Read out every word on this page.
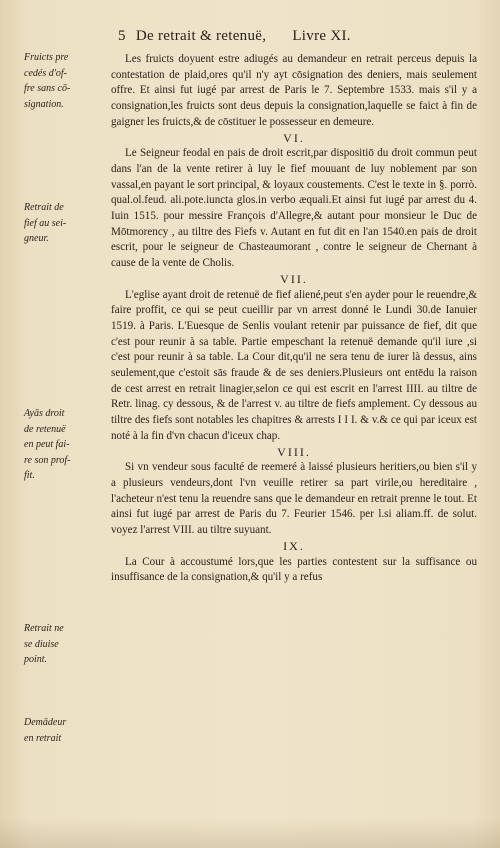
5 De retrait & retenuë, Livre XI.
Fruicts pre
cedés d'of-
fre sans cō-
signation.
Retrait de
fief au sei-
gneur.
Ayās droit
de retenuë
en peut fai-
re son prof-
fit.
Retrait ne
se diuise
point.
Demādeur
en retrait

Les fruicts doyuent estre adiugés au demandeur en retrait perceus depuis la contestation de plaid,ores qu'il n'y ayt cōsignation des deniers, mais seulement offre. Et ainsi fut iugé par arrest de Paris le 7. Septembre 1533. mais s'il y a consignation,les fruicts sont deus depuis la consignation,laquelle se faict à fin de gaigner les fruicts,& de cōstituer le possesseur en demeure.

VI.

Le Seigneur feodal en pais de droit escrit,par dispositiō du droit commun peut dans l'an de la vente retirer à luy le fief mouuant de luy noblement par son vassal,en payant le sort principal, & loyaux coustements. C'est le texte in §. porrò. qual.ol.feud. ali.pote.iuncta glos.in verbo æquali.Et ainsi fut iugé par arrest du 4. Iuin 1515. pour messire François d'Allegre,& autant pour monsieur le Duc de Mōtmorency , au tiltre des Fiefs v. Autant en fut dit en l'an 1540.en pais de droit escrit, pour le seigneur de Chasteaumorant , contre le seigneur de Chernant à cause de la vente de Cholis.

VII.

L'eglise ayant droit de retenuë de fief aliené,peut s'en ayder pour le reuendre,& faire proffit, ce qui se peut cueillir par vn arrest donné le Lundi 30.de Ianuier 1519. à Paris. L'Euesque de Senlis voulant retenir par puissance de fief, dit que c'est pour reunir à sa table. Partie empeschant la retenuë demande qu'il iure ,si c'est pour reunir à sa table. La Cour dit,qu'il ne sera tenu de iurer là dessus, ains seulement,que c'estoit sās fraude & de ses deniers.Plusieurs ont entēdu la raison de cest arrest en retrait linagier,selon ce qui est escrit en l'arrest IIII. au tiltre de Retr. linag. cy dessous, & de l'arrest v. au tiltre de fiefs amplement. Cy dessous au tiltre des fiefs sont notables les chapitres & arrests I I I. & v.& ce qui par iceux est noté à la fin d'vn chacun d'iceux chap.

VIII.

Si vn vendeur sous faculté de reemeré à laissé plusieurs heritiers,ou bien s'il y a plusieurs vendeurs,dont l'vn veuille retirer sa part virile,ou hereditaire , l'acheteur n'est tenu la reuendre sans que le demandeur en retrait prenne le tout. Et ainsi fut iugé par arrest de Paris du 7. Feurier 1546. per l.si aliam.ff. de solut. voyez l'arrest VIII. au tiltre suyuant.

IX.

La Cour à accoustumé lors,que les parties contestent sur la suffisance ou insuffisance de la consignation,& qu'il y a refus
